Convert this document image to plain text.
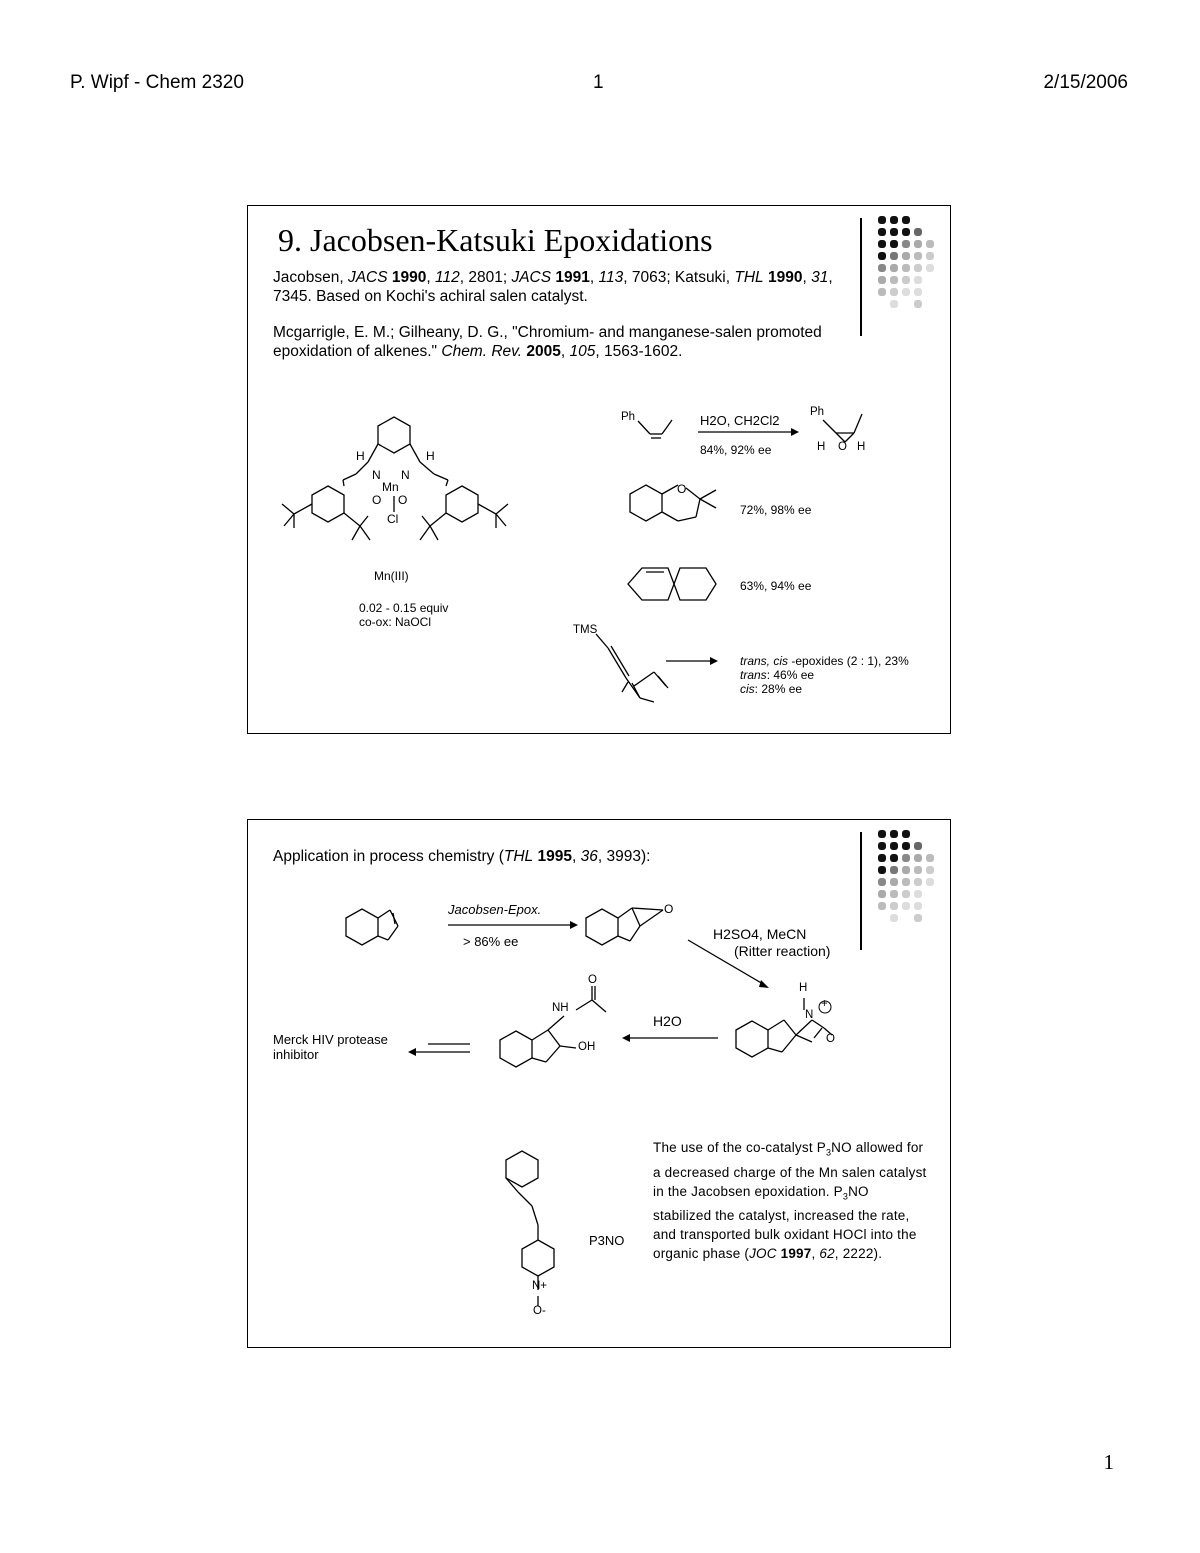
P. Wipf - Chem 2320	1	2/15/2006
9. Jacobsen-Katsuki Epoxidations
Jacobsen, JACS 1990, 112, 2801; JACS 1991, 113, 7063; Katsuki, THL 1990, 31, 7345. Based on Kochi's achiral salen catalyst.
Mcgarrigle, E. M.; Gilheany, D. G., "Chromium- and manganese-salen promoted epoxidation of alkenes." Chem. Rev. 2005, 105, 1563-1602.
H	H
N N
Mn
O O
Cl
Mn(III)
0.02 - 0.15 equiv
co-ox: NaOCl
Ph	H2O, CH2Cl2
84%, 92% ee
Ph
H O H
O
72%, 98% ee
63%, 94% ee
TMS
trans, cis -epoxides (2 : 1), 23%
trans: 46% ee
cis: 28% ee
Application in process chemistry (THL 1995, 36, 3993):
Jacobsen-Epox.
> 86% ee
O
H2SO4, MeCN
(Ritter reaction)
H
N
+
O
H2O
O
NH
OH
Merck HIV protease
inhibitor
P3NO
N+
O-
The use of the co-catalyst $P_3NO$ allowed for a decreased charge of the Mn salen catalyst in the Jacobsen epoxidation. $P_3NO$ stabilized the catalyst, increased the rate, and transported bulk oxidant HOCl into the organic phase (JOC 1997, 62, 2222).
1
